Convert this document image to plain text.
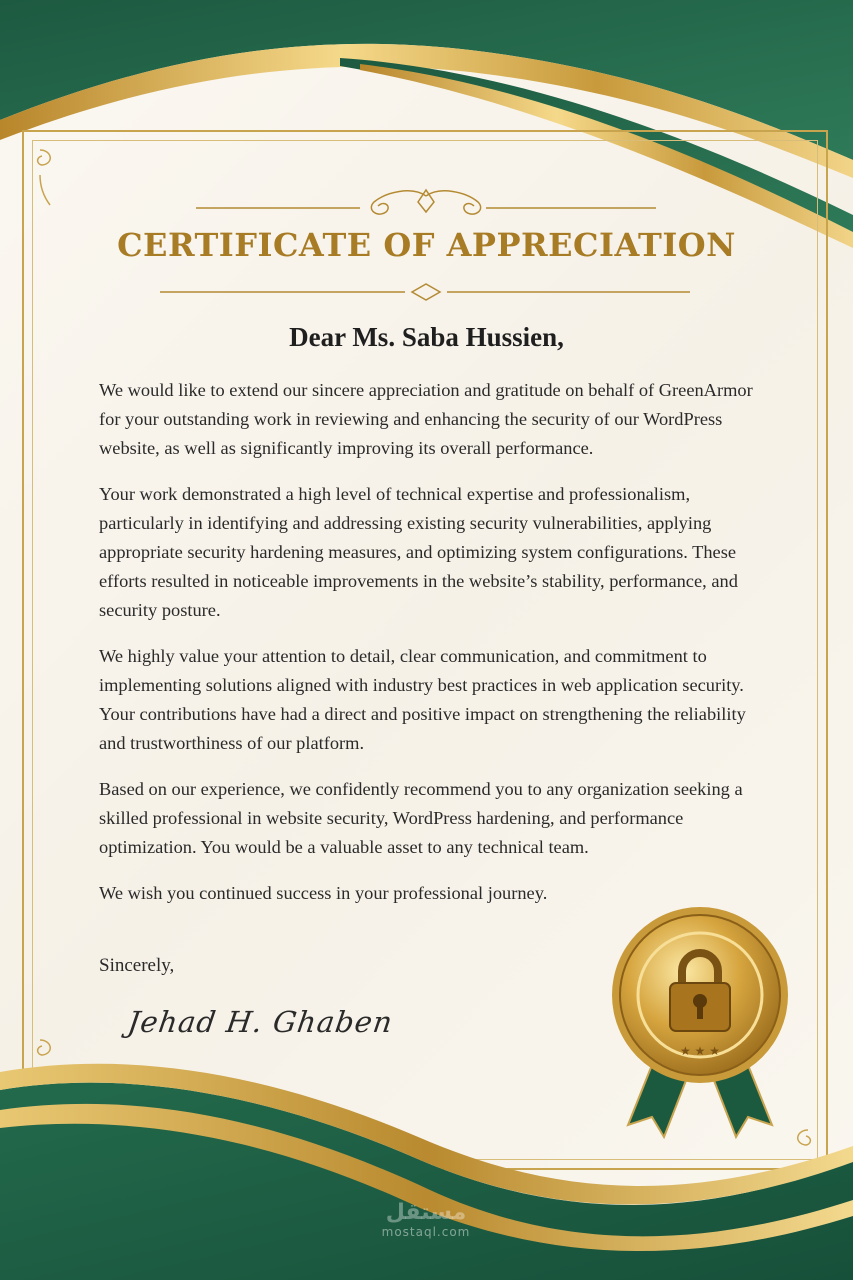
CERTIFICATE OF APPRECIATION

Dear Ms. Saba Hussien,

We would like to extend our sincere appreciation and gratitude on behalf of GreenArmor for your outstanding work in reviewing and enhancing the security of our WordPress website, as well as significantly improving its overall performance.

Your work demonstrated a high level of technical expertise and professionalism, particularly in identifying and addressing existing security vulnerabilities, applying appropriate security hardening measures, and optimizing system configurations. These efforts resulted in noticeable improvements in the website’s stability, performance, and security posture.

We highly value your attention to detail, clear communication, and commitment to implementing solutions aligned with industry best practices in web application security. Your contributions have had a direct and positive impact on strengthening the reliability and trustworthiness of our platform.

Based on our experience, we confidently recommend you to any organization seeking a skilled professional in website security, WordPress hardening, and performance optimization. You would be a valuable asset to any technical team.

We wish you continued success in your professional journey.

Sincerely,

Jehad H. Ghaben

★ ★ ★
مستقل
mostaql.com
